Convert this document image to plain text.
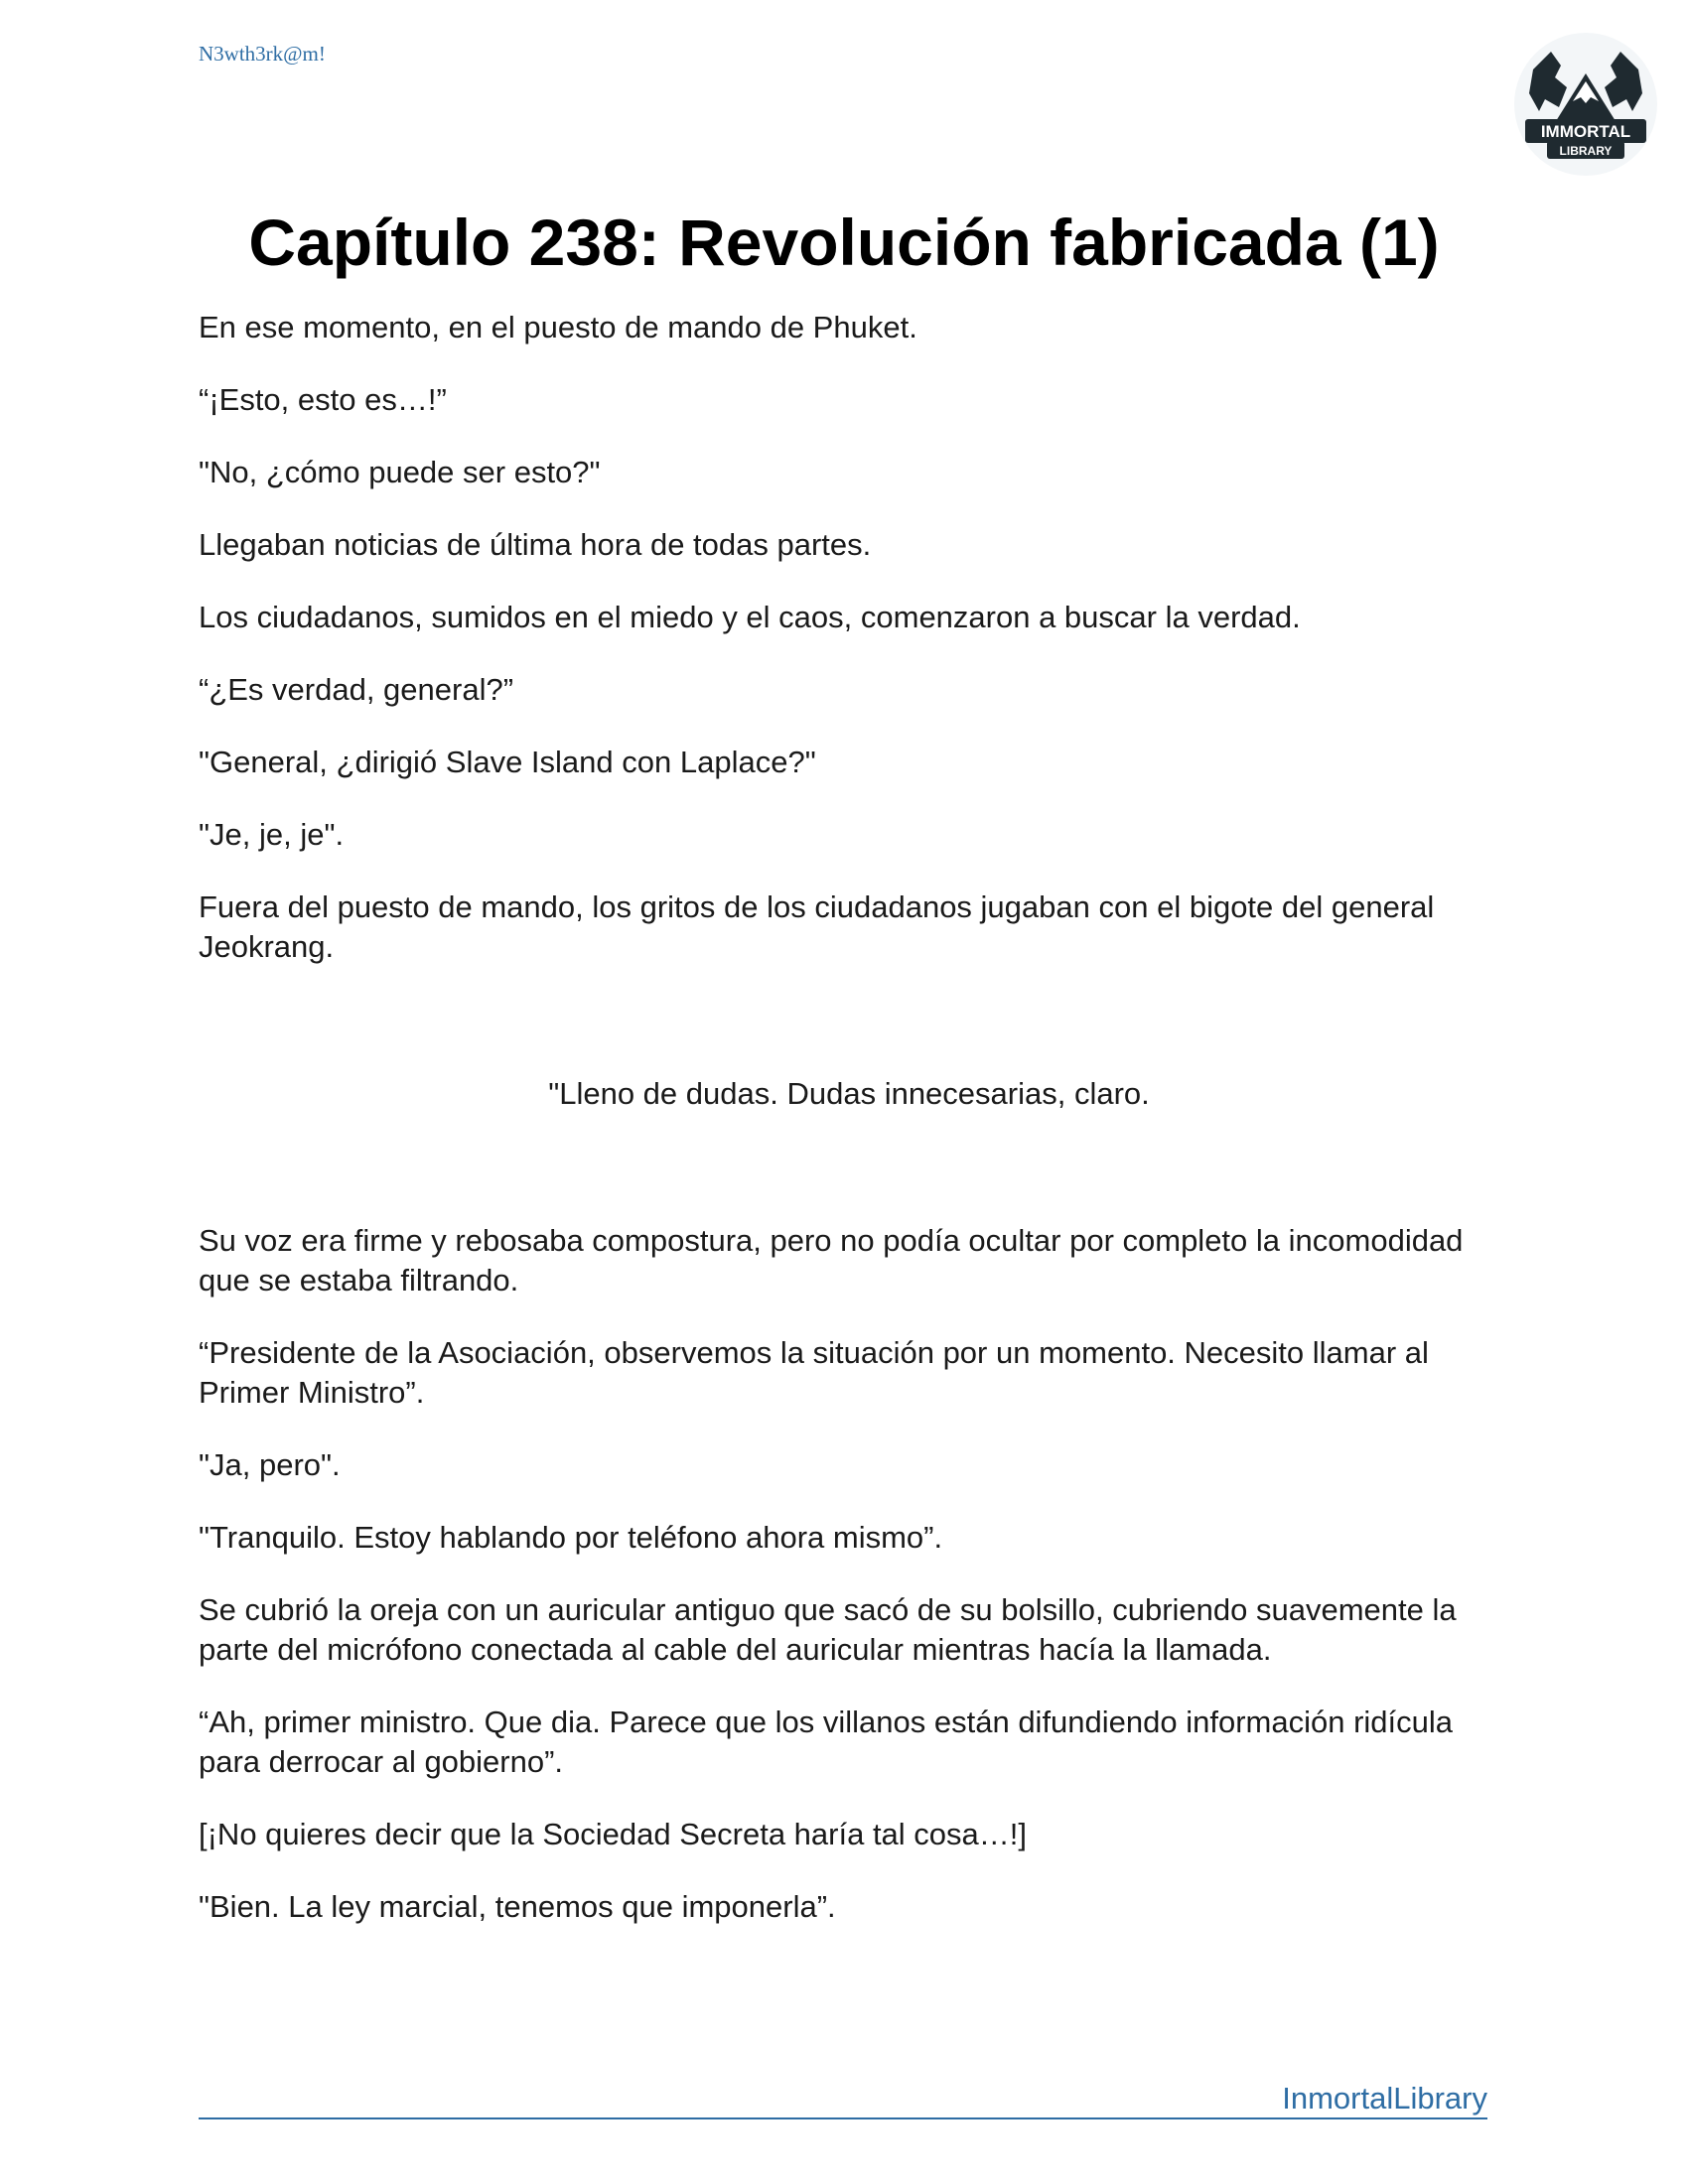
N3wth3rk@m!
IMMORTAL
LIBRARY
Capítulo 238: Revolución fabricada (1)

En ese momento, en el puesto de mando de Phuket.

“¡Esto, esto es…!”

"No, ¿cómo puede ser esto?"

Llegaban noticias de última hora de todas partes.

Los ciudadanos, sumidos en el miedo y el caos, comenzaron a buscar la verdad.

“¿Es verdad, general?”

"General, ¿dirigió Slave Island con Laplace?"

"Je, je, je".

Fuera del puesto de mando, los gritos de los ciudadanos jugaban con el bigote del general Jeokrang.

"Lleno de dudas. Dudas innecesarias, claro.

Su voz era firme y rebosaba compostura, pero no podía ocultar por completo la incomodidad que se estaba filtrando.

“Presidente de la Asociación, observemos la situación por un momento. Necesito llamar al Primer Ministro”.

"Ja, pero".

"Tranquilo. Estoy hablando por teléfono ahora mismo”.

Se cubrió la oreja con un auricular antiguo que sacó de su bolsillo, cubriendo suavemente la parte del micrófono conectada al cable del auricular mientras hacía la llamada.

“Ah, primer ministro. Que dia. Parece que los villanos están difundiendo información ridícula para derrocar al gobierno”.

[¡No quieres decir que la Sociedad Secreta haría tal cosa…!]

"Bien. La ley marcial, tenemos que imponerla”.

InmortalLibrary
